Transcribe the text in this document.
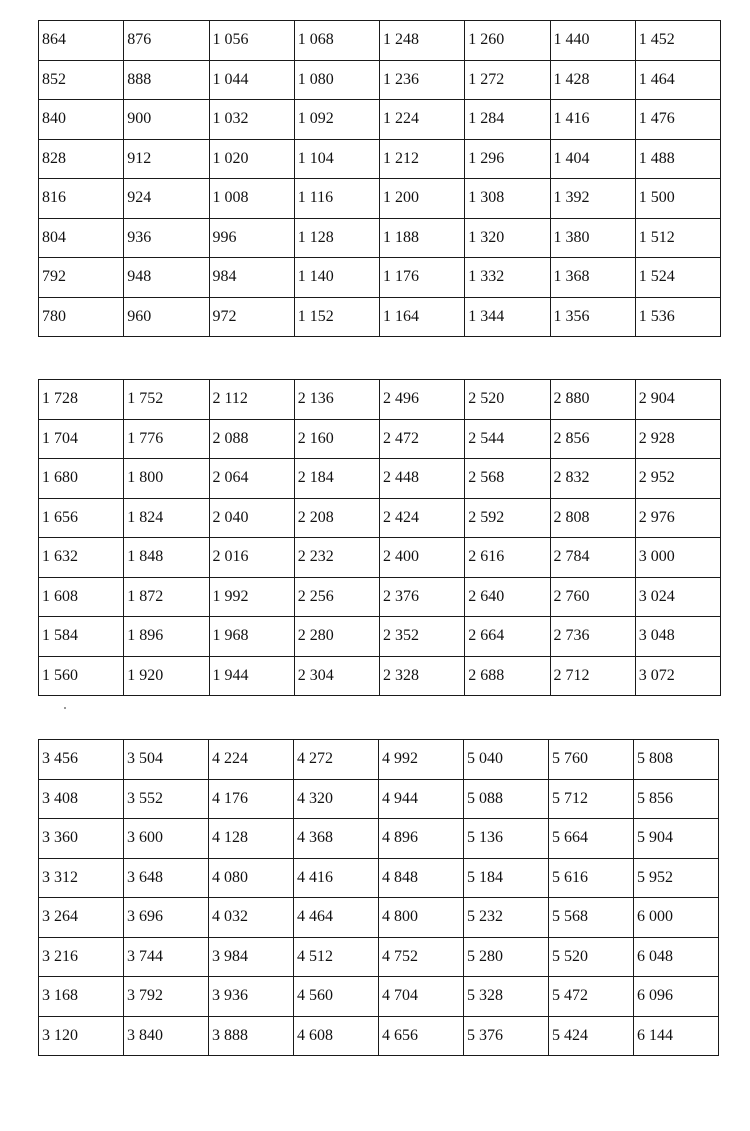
864	876	1 056	1 068	1 248	1 260	1 440	1 452
852	888	1 044	1 080	1 236	1 272	1 428	1 464
840	900	1 032	1 092	1 224	1 284	1 416	1 476
828	912	1 020	1 104	1 212	1 296	1 404	1 488
816	924	1 008	1 116	1 200	1 308	1 392	1 500
804	936	996	1 128	1 188	1 320	1 380	1 512
792	948	984	1 140	1 176	1 332	1 368	1 524
780	960	972	1 152	1 164	1 344	1 356	1 536
1 728	1 752	2 112	2 136	2 496	2 520	2 880	2 904
1 704	1 776	2 088	2 160	2 472	2 544	2 856	2 928
1 680	1 800	2 064	2 184	2 448	2 568	2 832	2 952
1 656	1 824	2 040	2 208	2 424	2 592	2 808	2 976
1 632	1 848	2 016	2 232	2 400	2 616	2 784	3 000
1 608	1 872	1 992	2 256	2 376	2 640	2 760	3 024
1 584	1 896	1 968	2 280	2 352	2 664	2 736	3 048
1 560	1 920	1 944	2 304	2 328	2 688	2 712	3 072
3 456	3 504	4 224	4 272	4 992	5 040	5 760	5 808
3 408	3 552	4 176	4 320	4 944	5 088	5 712	5 856
3 360	3 600	4 128	4 368	4 896	5 136	5 664	5 904
3 312	3 648	4 080	4 416	4 848	5 184	5 616	5 952
3 264	3 696	4 032	4 464	4 800	5 232	5 568	6 000
3 216	3 744	3 984	4 512	4 752	5 280	5 520	6 048
3 168	3 792	3 936	4 560	4 704	5 328	5 472	6 096
3 120	3 840	3 888	4 608	4 656	5 376	5 424	6 144
